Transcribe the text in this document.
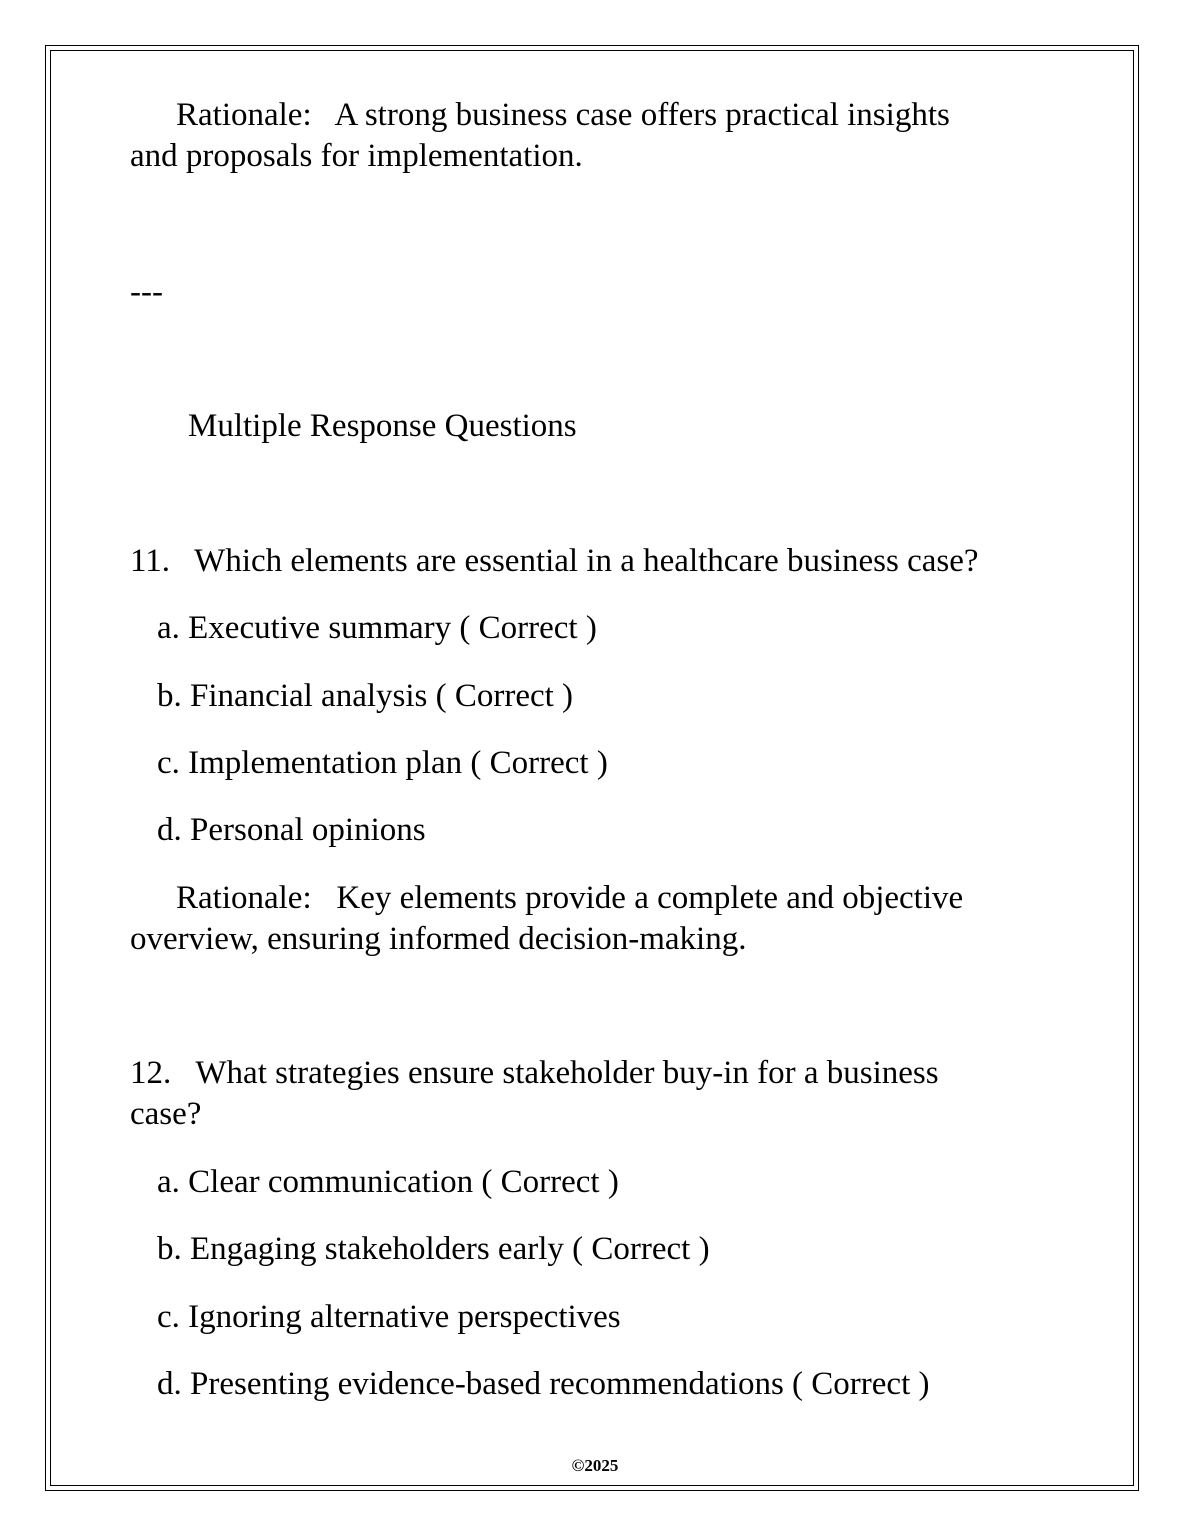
Rationale:   A strong business case offers practical insights
and proposals for implementation.
---
Multiple Response Questions
11.   Which elements are essential in a healthcare business case?
a. Executive summary ( Correct )
b. Financial analysis ( Correct )
c. Implementation plan ( Correct )
d. Personal opinions
Rationale:   Key elements provide a complete and objective
overview, ensuring informed decision-making.
12.   What strategies ensure stakeholder buy-in for a business
case?
a. Clear communication ( Correct )
b. Engaging stakeholders early ( Correct )
c. Ignoring alternative perspectives
d. Presenting evidence-based recommendations ( Correct )
©2025
